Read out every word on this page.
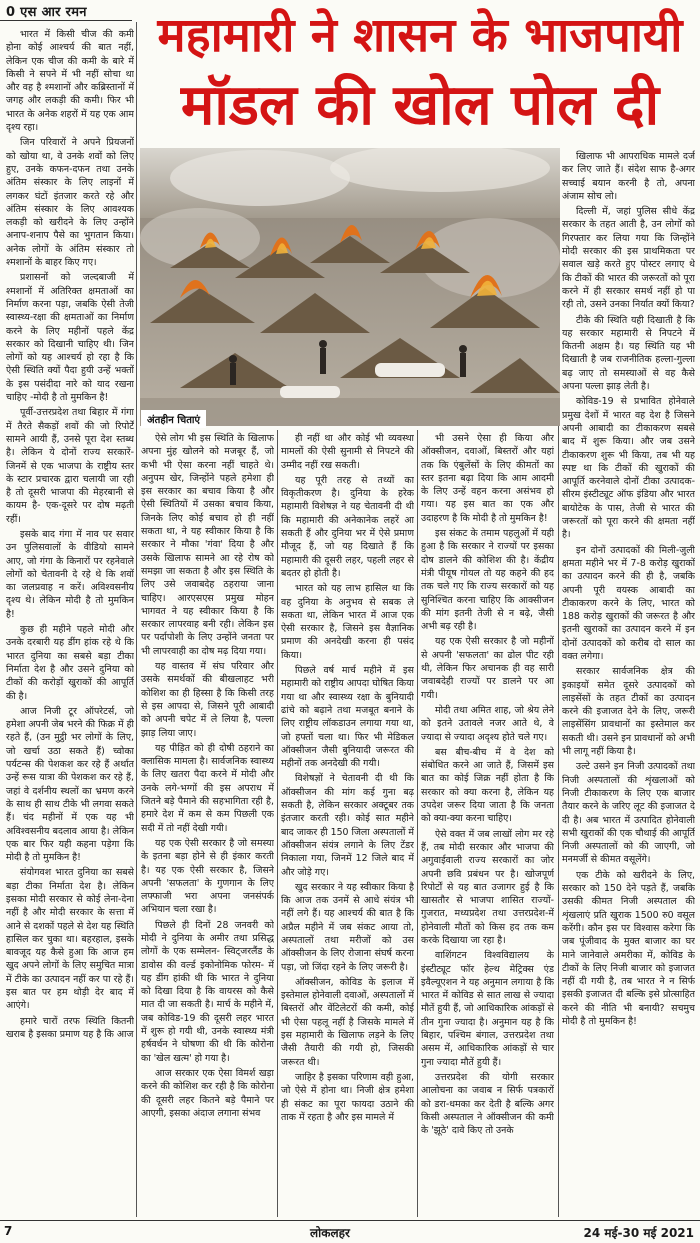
0 एस आर रमन	महामारी ने शासन के भाजपायी
मॉडल की खोल पोल दी
अंतहीन चिताएं

भारत में किसी चीज की कमी होना कोई आश्चर्य की बात नहीं, लेकिन एक चीज की कमी के बारे में किसी ने सपने में भी नहीं सोचा था और वह है श्मशानों और कब्रिस्तानों में जगह और लकड़ी की कमी। फिर भी भारत के अनेक शहरों में यह एक आम दृश्य रहा।

जिन परिवारों ने अपने प्रियजनों को खोया था, वे उनके शवों को लिए हुए, उनके कफन-दफन तथा उनके अंतिम संस्कार के लिए लाइनों में लगकर घंटों इंतजार करते रहे और अंतिम संस्कार के लिए आवश्यक लकड़ी को खरीदने के लिए उन्होंने अनाप-शनाप पैसे का भुगतान किया। अनेक लोगों के अंतिम संस्कार तो श्मशानों के बाहर किए गए।

प्रशासनों को जल्दबाजी में श्मशानों में अतिरिक्त क्षमताओं का निर्माण करना पड़ा, जबकि ऐसी तेजी स्वास्थ्य-रक्षा की क्षमताओं का निर्माण करने के लिए महीनों पहले केंद्र सरकार को दिखानी चाहिए थी। जिन लोगों को यह आश्चर्य हो रहा है कि ऐसी स्थिति क्यों पैदा हुयी उन्हें भक्तों के इस पसंदीदा नारे को याद रखना चाहिए -मोदी है तो मुमकिन है!

पूर्वी-उत्तरप्रदेश तथा बिहार में गंगा में तैरते सैकड़ों शवों की जो रिपोर्टें सामने आयी हैं, उनसे पूरा देश स्तब्ध है। लेकिन ये दोनों राज्य सरकारें-जिनमें से एक भाजपा के राष्ट्रीय स्तर के स्टार प्रचारक द्वारा चलायी जा रही है तो दूसरी भाजपा की मेहरबानी से कायम है- एक-दूसरे पर दोष मढ़ती रहीं।

इसके बाद गंगा में नाव पर सवार उन पुलिसवालों के वीडियो सामने आए, जो गंगा के किनारों पर रहनेवाले लोगों को चेतावनी दे रहे थे कि शवों का जलप्रवाह न करें। अविश्वसनीय दृश्य थे। लेकिन मोदी है तो मुमकिन है!

कुछ ही महीने पहले मोदी और उनके दरबारी यह डींग हांक रहे थे कि भारत दुनिया का सबसे बड़ा टीका निर्माता देश है और उसने दुनिया को टीकों की करोड़ों खुराकों की आपूर्ति की है।

आज निजी टूर ऑपरेटर्स, जो हमेशा अपनी जेब भरने की फिक्र में ही रहते हैं, (उन मुट्ठी भर लोगों के लिए, जो खर्चा उठा सकते हैं) च्वोका पर्यटन्स की पेशकश कर रहे हैं अर्थात उन्हें रूस यात्रा की पेशकश कर रहे हैं, जहां वे दर्शनीय स्थलों का भ्रमण करने के साथ ही साथ टीके भी लगवा सकते हैं। चंद महीनों में एक यह भी अविश्वसनीय बदलाव आया है। लेकिन एक बार फिर यही कहना पड़ेगा कि मोदी है तो मुमकिन है!

संयोगवश भारत दुनिया का सबसे बड़ा टीका निर्माता देश है। लेकिन इसका मोदी सरकार से कोई लेना-देना नहीं है और मोदी सरकार के सत्ता में आने से दशकों पहले से देश यह स्थिति हासिल कर चुका था। बहरहाल, इसके बावजूद यह कैसे हुआ कि आज हम खुद अपने लोगों के लिए समुचित मात्रा में टीके का उत्पादन नहीं कर पा रहे हैं। इस बात पर हम थोड़ी देर बाद में आएंगे।

हमारे चारों तरफ स्थिति कितनी खराब है इसका प्रमाण यह है कि आज

ऐसे लोग भी इस स्थिति के खिलाफ अपना मुंह खोलने को मजबूर हैं, जो कभी भी ऐसा करना नहीं चाहते थे। अनुपम खेर, जिन्होंने पहले हमेशा ही इस सरकार का बचाव किया है और ऐसी स्थितियों में उसका बचाव किया, जिनके लिए कोई बचाव हो ही नहीं सकता था, ने यह स्वीकार किया है कि सरकार ने मौका 'गंवा' दिया है और उसके खिलाफ सामने आ रहे रोष को समझा जा सकता है और इस स्थिति के लिए उसे जवाबदेह ठहराया जाना चाहिए। आरएसएस प्रमुख मोहन भागवत ने यह स्वीकार किया है कि सरकार लापरवाह बनी रही। लेकिन इस पर पर्दापोशी के लिए उन्होंने जनता पर भी लापरवाही का दोष मढ़ दिया गया।

यह वास्तव में संघ परिवार और उसके समर्थकों की बीखलाहट भरी कोशिश का ही हिस्सा है कि किसी तरह से इस आपदा से, जिसने पूरी आबादी को अपनी चपेट में ले लिया है, पल्ला झाड़ लिया जाए।

यह पीड़ित को ही दोषी ठहराने का क्लासिक मामला है। सार्वजनिक स्वास्थ्य के लिए खतरा पैदा करने में मोदी और उनके लगे-भग्गों की इस अपराध में जितने बड़े पैमाने की सहभागिता रही है, हमारे देश में कम से कम पिछली एक सदी में तो नहीं देखी गयी।

यह एक ऐसी सरकार है जो समस्या के इतना बड़ा होने से ही इंकार करती है। यह एक ऐसी सरकार है, जिसने अपनी 'सफलता' के गुणगान के लिए लफ्फाजी भरा अपना जनसंपर्क अभियान चला रखा है।

पिछले ही दिनों 28 जनवरी को मोदी ने दुनिया के अमीर तथा प्रसिद्ध लोगों के एक सम्मेलन- स्विट्जरलैंड के डावोस की वर्ल्ड इकोनोमिक फोरम- में यह डींग हांकी थी कि भारत ने दुनिया को दिखा दिया है कि वायरस को कैसे मात दी जा सकती है। मार्च के महीने में, जब कोविड-19 की दूसरी लहर भारत में शुरू हो गयी थी, उनके स्वास्थ्य मंत्री हर्षवर्धन ने घोषणा की थी कि कोरोना का 'खेल खत्म' हो गया है।

आज सरकार एक ऐसा विमर्श खड़ा करने की कोशिश कर रही है कि कोरोना की दूसरी लहर कितने बड़े पैमाने पर आएगी, इसका अंदाज लगाना संभव

ही नहीं था और कोई भी व्यवस्था मामलों की ऐसी सुनामी से निपटने की उम्मीद नहीं रख सकती।

यह पूरी तरह से तथ्यों का विकृतीकरण है। दुनिया के हरेक महामारी विशेषज्ञ ने यह चेतावनी दी थी कि महामारी की अनेकानेक लहरें आ सकती हैं और दुनिया भर में ऐसे प्रमाण मौजूद हैं, जो यह दिखाते हैं कि महामारी की दूसरी लहर, पहली लहर से बदतर हो होती है।

भारत को यह लाभ हासिल था कि वह दुनिया के अनुभव से सबक ले सकता था, लेकिन भारत में आज एक ऐसी सरकार है, जिसने इस वैज्ञानिक प्रमाण की अनदेखी करना ही पसंद किया।

पिछले वर्ष मार्च महीने में इस महामारी को राष्ट्रीय आपदा घोषित किया गया था और स्वास्थ्य रक्षा के बुनियादी ढांचे को बढ़ाने तथा मजबूत बनाने के लिए राष्ट्रीय लॉकडाउन लगाया गया था, जो हफ्तों चला था। फिर भी मेडिकल ऑक्सीजन जैसी बुनियादी जरूरत की महीनों तक अनदेखी की गयी।

विशेषज्ञों ने चेतावनी दी थी कि ऑक्सीजन की मांग कई गुना बढ़ सकती है, लेकिन सरकार अक्टूबर तक इंतजार करती रही। कोई सात महीने बाद जाकर ही 150 जिला अस्पतालों में ऑक्सीजन संयंत्र लगाने के लिए टेंडर निकाला गया, जिनमें 12 जिले बाद में और जोड़े गए।

खुद सरकार ने यह स्वीकार किया है कि आज तक उनमें से आधे संयंत्र भी नहीं लगे हैं। यह आश्चर्य की बात है कि अप्रैल महीने में जब संकट आया तो, अस्पतालों तथा मरीजों को उस ऑक्सीजन के लिए रोजाना संघर्ष करना पड़ा, जो जिंदा रहने के लिए जरूरी है।

ऑक्सीजन, कोविड के इलाज में इस्तेमाल होनेवाली दवाओं, अस्पतालों में बिस्तरों और वेंटिलेटरों की कमी, कोई भी ऐसा पहलू नहीं है जिसके मामले में इस महामारी के खिलाफ लड़ने के लिए जैसी तैयारी की गयी हो, जिसकी जरूरत थी।

जाहिर है इसका परिणाम वही हुआ, जो ऐसे में होना था। निजी क्षेत्र हमेशा ही संकट का पूरा फायदा उठाने की ताक में रहता है और इस मामले में

भी उसने ऐसा ही किया और ऑक्सीजन, दवाओं, बिस्तरों और यहां तक कि एंबुलेंसों के लिए कीमतों का स्तर इतना बढ़ा दिया कि आम आदमी के लिए उन्हें वहन करना असंभव हो गया। यह इस बात का एक और उदाहरण है कि मोदी है तो मुमकिन है!

इस संकट के तमाम पहलुओं में यही हुआ है कि सरकार ने राज्यों पर इसका दोष डालने की कोशिश की है। केंद्रीय मंत्री पीयूष गोयल तो यह कहने की हद तक चले गए कि राज्य सरकारों को यह सुनिश्चित करना चाहिए कि आक्सीजन की मांग इतनी तेजी से न बढ़े, जैसी अभी बढ़ रही है।

यह एक ऐसी सरकार है जो महीनों से अपनी 'सफलता' का ढोल पीट रही थी, लेकिन फिर अचानक ही वह सारी जवाबदेही राज्यों पर डालने पर आ गयी।

मोदी तथा अमित शाह, जो श्रेय लेने को इतने उतावले नजर आते थे, वे ज्यादा से ज्यादा अदृश्य होते चले गए।

बस बीच-बीच में वे देश को संबोधित करने आ जाते हैं, जिसमें इस बात का कोई जिक्र नहीं होता है कि सरकार को क्या करना है, लेकिन यह उपदेश जरूर दिया जाता है कि जनता को क्या-क्या करना चाहिए।

ऐसे वक्त में जब लाखों लोग मर रहे हैं, तब मोदी सरकार और भाजपा की अगुवाईवाली राज्य सरकारों का जोर अपनी छवि प्रबंधन पर है। खोजपूर्ण रिपोर्टों से यह बात उजागर हुई है कि खासतौर से भाजपा शासित राज्यों- गुजरात, मध्यप्रदेश तथा उत्तरप्रदेश-में होनेवाली मौतों को किस हद तक कम करके दिखाया जा रहा है।

वाशिंगटन विश्वविद्यालय के इंस्टीट्यूट फॉर हेल्थ मेट्रिक्स एंड इवैल्यूएशन ने यह अनुमान लगाया है कि भारत में कोविड से सात लाख से ज्यादा मौतें हुयी हैं, जो आधिकारिक आंकड़ों से तीन गुना ज्यादा है। अनुमान यह है कि बिहार, पश्चिम बंगाल, उत्तरप्रदेश तथा असम में, आधिकारिक आंकड़ों से चार गुना ज्यादा मौतें हुयी हैं।

उत्तरप्रदेश की योगी सरकार आलोचना का जवाब न सिर्फ पत्रकारों को डरा-धमका कर देती है बल्कि अगर किसी अस्पताल ने ऑक्सीजन की कमी के 'झूठे' दावे किए तो उनके

खिलाफ भी आपराधिक मामले दर्ज कर लिए जाते हैं। संदेश साफ है-अगर सच्चाई बयान करनी है तो, अपना अंजाम सोच लो।

दिल्ली में, जहां पुलिस सीधे केंद्र सरकार के तहत आती है, उन लोगों को गिरफ्तार कर लिया गया कि जिन्होंने मोदी सरकार की इस प्राथमिकता पर सवाल खड़े करते हुए पोस्टर लगाए थे कि टीकों की भारत की जरूरतों को पूरा करने में ही सरकार समर्थ नहीं हो पा रही तो, उसने उनका निर्यात क्यों किया?

टीके की स्थिति यही दिखाती है कि यह सरकार महामारी से निपटने में कितनी अक्षम है। यह स्थिति यह भी दिखाती है जब राजनीतिक हल्ला-गुल्ला बढ़ जाए तो समस्याओं से वह कैसे अपना पल्ला झाड़ लेती है।

कोविड-19 से प्रभावित होनेवाले प्रमुख देशों में भारत वह देश है जिसने अपनी आबादी का टीकाकरण सबसे बाद में शुरू किया। और जब उसने टीकाकरण शुरू भी किया, तब भी यह स्पष्ट था कि टीकों की खुराकों की आपूर्ति करनेवाले दोनों टीका उत्पादक-सीरम इंस्टीट्यूट ऑफ इंडिया और भारत बायोटेक के पास, तेजी से भारत की जरूरतों को पूरा करने की क्षमता नहीं है।

इन दोनों उत्पादकों की मिली-जुली क्षमता महीने भर में 7-8 करोड़ खुराकों का उत्पादन करने की ही है, जबकि अपनी पूरी वयस्क आबादी का टीकाकरण करने के लिए, भारत को 188 करोड़ खुराकों की जरूरत है और इतनी खुराकों का उत्पादन करने में इन दोनों उत्पादकों को करीब दो साल का वक्त लगेगा।

सरकार सार्वजनिक क्षेत्र की इकाइयों समेत दूसरे उत्पादकों को लाइसेंसों के तहत टीकों का उत्पादन करने की इजाजत देने के लिए, जरूरी लाइसेंसिंग प्रावधानों का इस्तेमाल कर सकती थी। उसने इन प्रावधानों को अभी भी लागू नहीं किया है।

उल्टे उसने इन निजी उत्पादकों तथा निजी अस्पतालों की शृंखलाओं को निजी टीकाकरण के लिए एक बाजार तैयार करने के जरिए लूट की इजाजत दे दी है। अब भारत में उत्पादित होनेवाली सभी खुराकों की एक चौथाई की आपूर्ति निजी अस्पतालों को की जाएगी, जो मनमर्जी से कीमत वसूलेंगे।

एक टीके को खरीदने के लिए, सरकार को 150 देने पड़ते हैं, जबकि उसकी कीमत निजी अस्पताल की शृंखलाएं प्रति खुराक 1500 रु0 वसूल करेंगी। कौन इस पर विश्वास करेगा कि जब पूंजीवाद के मुक्त बाजार का घर माने जानेवाले अमरीका में, कोविड के टीकों के लिए निजी बाजार को इजाजत नहीं दी गयी है, तब भारत ने न सिर्फ इसकी इजाजत दी बल्कि इसे प्रोत्साहित करने की नीति भी बनायी? सचमुच मोदी है तो मुमकिन है!

7	लोकलहर	24 मई-30 मई 2021
